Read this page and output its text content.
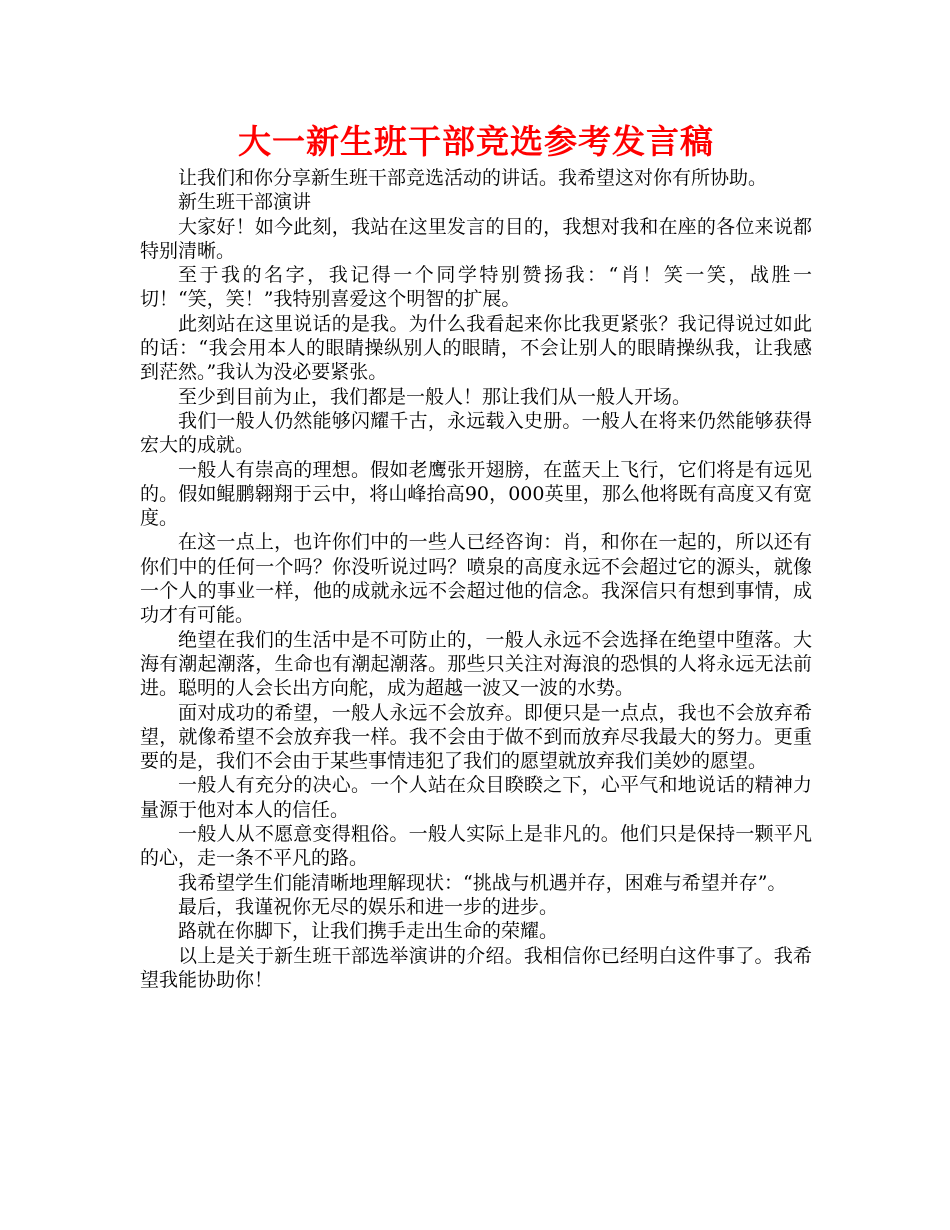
大一新生班干部竞选参考发言稿

让我们和你分享新生班干部竞选活动的讲话。我希望这对你有所协助。

新生班干部演讲

大家好！如今此刻，我站在这里发言的目的，我想对我和在座的各位来说都特别清晰。

至于我的名字，我记得一个同学特别赞扬我：“肖！笑一笑，战胜一切！“笑，笑！”我特别喜爱这个明智的扩展。

此刻站在这里说话的是我。为什么我看起来你比我更紧张？我记得说过如此的话：“我会用本人的眼睛操纵别人的眼睛，不会让别人的眼睛操纵我，让我感到茫然。”我认为没必要紧张。

至少到目前为止，我们都是一般人！那让我们从一般人开场。

我们一般人仍然能够闪耀千古，永远载入史册。一般人在将来仍然能够获得宏大的成就。

一般人有崇高的理想。假如老鹰张开翅膀，在蓝天上飞行，它们将是有远见的。假如鲲鹏翱翔于云中，将山峰抬高90，000英里，那么他将既有高度又有宽度。

在这一点上，也许你们中的一些人已经咨询：肖，和你在一起的，所以还有你们中的任何一个吗？你没听说过吗？喷泉的高度永远不会超过它的源头，就像一个人的事业一样，他的成就永远不会超过他的信念。我深信只有想到事情，成功才有可能。

绝望在我们的生活中是不可防止的，一般人永远不会选择在绝望中堕落。大海有潮起潮落，生命也有潮起潮落。那些只关注对海浪的恐惧的人将永远无法前进。聪明的人会长出方向舵，成为超越一波又一波的水势。

面对成功的希望，一般人永远不会放弃。即便只是一点点，我也不会放弃希望，就像希望不会放弃我一样。我不会由于做不到而放弃尽我最大的努力。更重要的是，我们不会由于某些事情违犯了我们的愿望就放弃我们美妙的愿望。

一般人有充分的决心。一个人站在众目睽睽之下，心平气和地说话的精神力量源于他对本人的信任。

一般人从不愿意变得粗俗。一般人实际上是非凡的。他们只是保持一颗平凡的心，走一条不平凡的路。

我希望学生们能清晰地理解现状：“挑战与机遇并存，困难与希望并存”。

最后，我谨祝你无尽的娱乐和进一步的进步。

路就在你脚下，让我们携手走出生命的荣耀。

以上是关于新生班干部选举演讲的介绍。我相信你已经明白这件事了。我希望我能协助你！
